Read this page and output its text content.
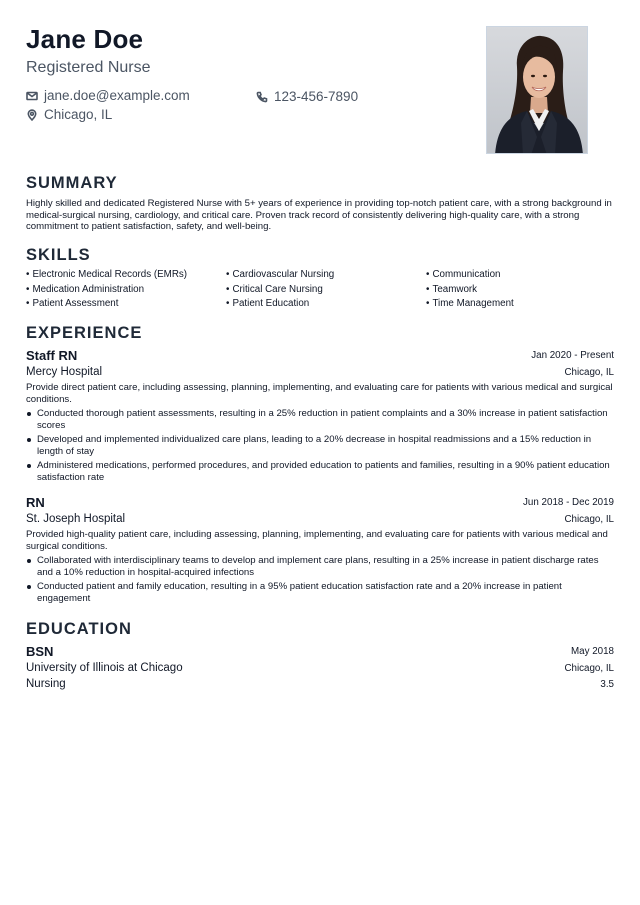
Jane Doe
Registered Nurse
jane.doe@example.com	123-456-7890
Chicago, IL
SUMMARY
Highly skilled and dedicated Registered Nurse with 5+ years of experience in providing top-notch patient care, with a strong background in medical-surgical nursing, cardiology, and critical care. Proven track record of consistently delivering high-quality care, with a strong commitment to patient satisfaction, safety, and well-being.
SKILLS
• Electronic Medical Records (EMRs)	• Cardiovascular Nursing	• Communication
• Medication Administration	• Critical Care Nursing	• Teamwork
• Patient Assessment	• Patient Education	• Time Management
EXPERIENCE
Staff RN	Jan 2020 - Present
Mercy Hospital	Chicago, IL
Provide direct patient care, including assessing, planning, implementing, and evaluating care for patients with various medical and surgical conditions.
Conducted thorough patient assessments, resulting in a 25% reduction in patient complaints and a 30% increase in patient satisfaction scores
Developed and implemented individualized care plans, leading to a 20% decrease in hospital readmissions and a 15% reduction in length of stay
Administered medications, performed procedures, and provided education to patients and families, resulting in a 90% patient education satisfaction rate
RN	Jun 2018 - Dec 2019
St. Joseph Hospital	Chicago, IL
Provided high-quality patient care, including assessing, planning, implementing, and evaluating care for patients with various medical and surgical conditions.
Collaborated with interdisciplinary teams to develop and implement care plans, resulting in a 25% increase in patient discharge rates and a 10% reduction in hospital-acquired infections
Conducted patient and family education, resulting in a 95% patient education satisfaction rate and a 20% increase in patient engagement
EDUCATION
BSN	May 2018
University of Illinois at Chicago	Chicago, IL
Nursing	3.5
